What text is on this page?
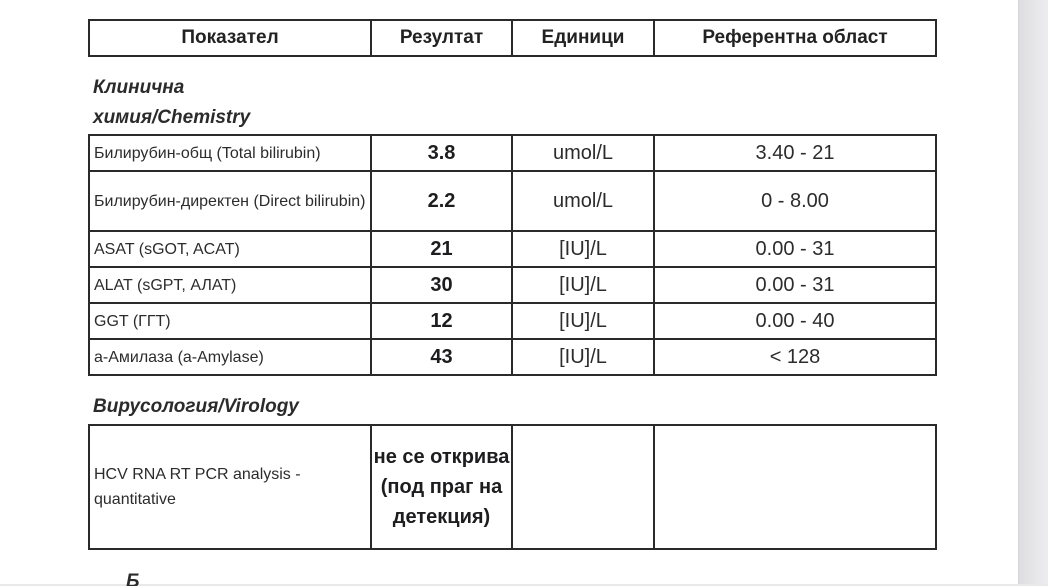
Показател	Резултат	Единици	Референтна област

Клинична

химия/Chemistry

Билирубин-общ (Total bilirubin)	3.8	umol/L	3.40 - 21
Билирубин-директен (Direct bilirubin)	2.2	umol/L	0 - 8.00
ASAT (sGOT, ACAT)	21	[IU]/L	0.00 - 31
ALAT (sGPT, АЛАТ)	30	[IU]/L	0.00 - 31
GGT (ГГТ)	12	[IU]/L	0.00 - 40
a-Амилаза (a-Amylase)	43	[IU]/L	< 128

Вирусология/Virology

HCV RNA RT PCR analysis - quantitative	не се открива (под праг на детекция)		
Б
